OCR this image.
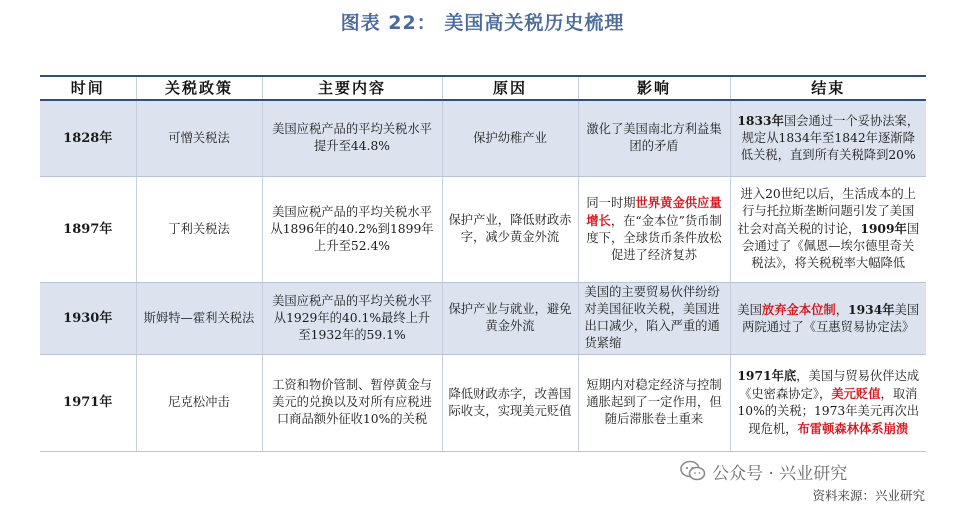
图表 22： 美国高关税历史梳理
时间	关税政策	主要内容	原因	影响	结束
1828年	可憎关税法	美国应税产品的平均关税水平提升至44.8%	保护幼稚产业	激化了美国南北方利益集团的矛盾	1833年国会通过一个妥协法案，规定从1834年至1842年逐渐降低关税，直到所有关税降到20%
1897年	丁利关税法	美国应税产品的平均关税水平从1896年的40.2%到1899年上升至52.4%	保护产业，降低财政赤字，减少黄金外流	同一时期世界黄金供应量增长，在“金本位”货币制度下，全球货币条件放松促进了经济复苏	进入20世纪以后，生活成本的上行与托拉斯垄断问题引发了美国社会对高关税的讨论，1909年国会通过了《佩恩—埃尔德里奇关税法》，将关税税率大幅降低
1930年	斯姆特—霍利关税法	美国应税产品的平均关税水平从1929年的40.1%最终上升至1932年的59.1%	保护产业与就业，避免黄金外流	美国的主要贸易伙伴纷纷对美国征收关税，美国进出口减少，陷入严重的通货紧缩	美国放弃金本位制，1934年美国两院通过了《互惠贸易协定法》
1971年	尼克松冲击	工资和物价管制、暂停黄金与美元的兑换以及对所有应税进口商品额外征收10%的关税	降低财政赤字，改善国际收支，实现美元贬值	短期内对稳定经济与控制通胀起到了一定作用，但随后滞胀卷土重来	1971年底，美国与贸易伙伴达成《史密森协定》，美元贬值，取消10%的关税；1973年美元再次出现危机，布雷顿森林体系崩溃
公众号 · 兴业研究
资料来源：兴业研究
